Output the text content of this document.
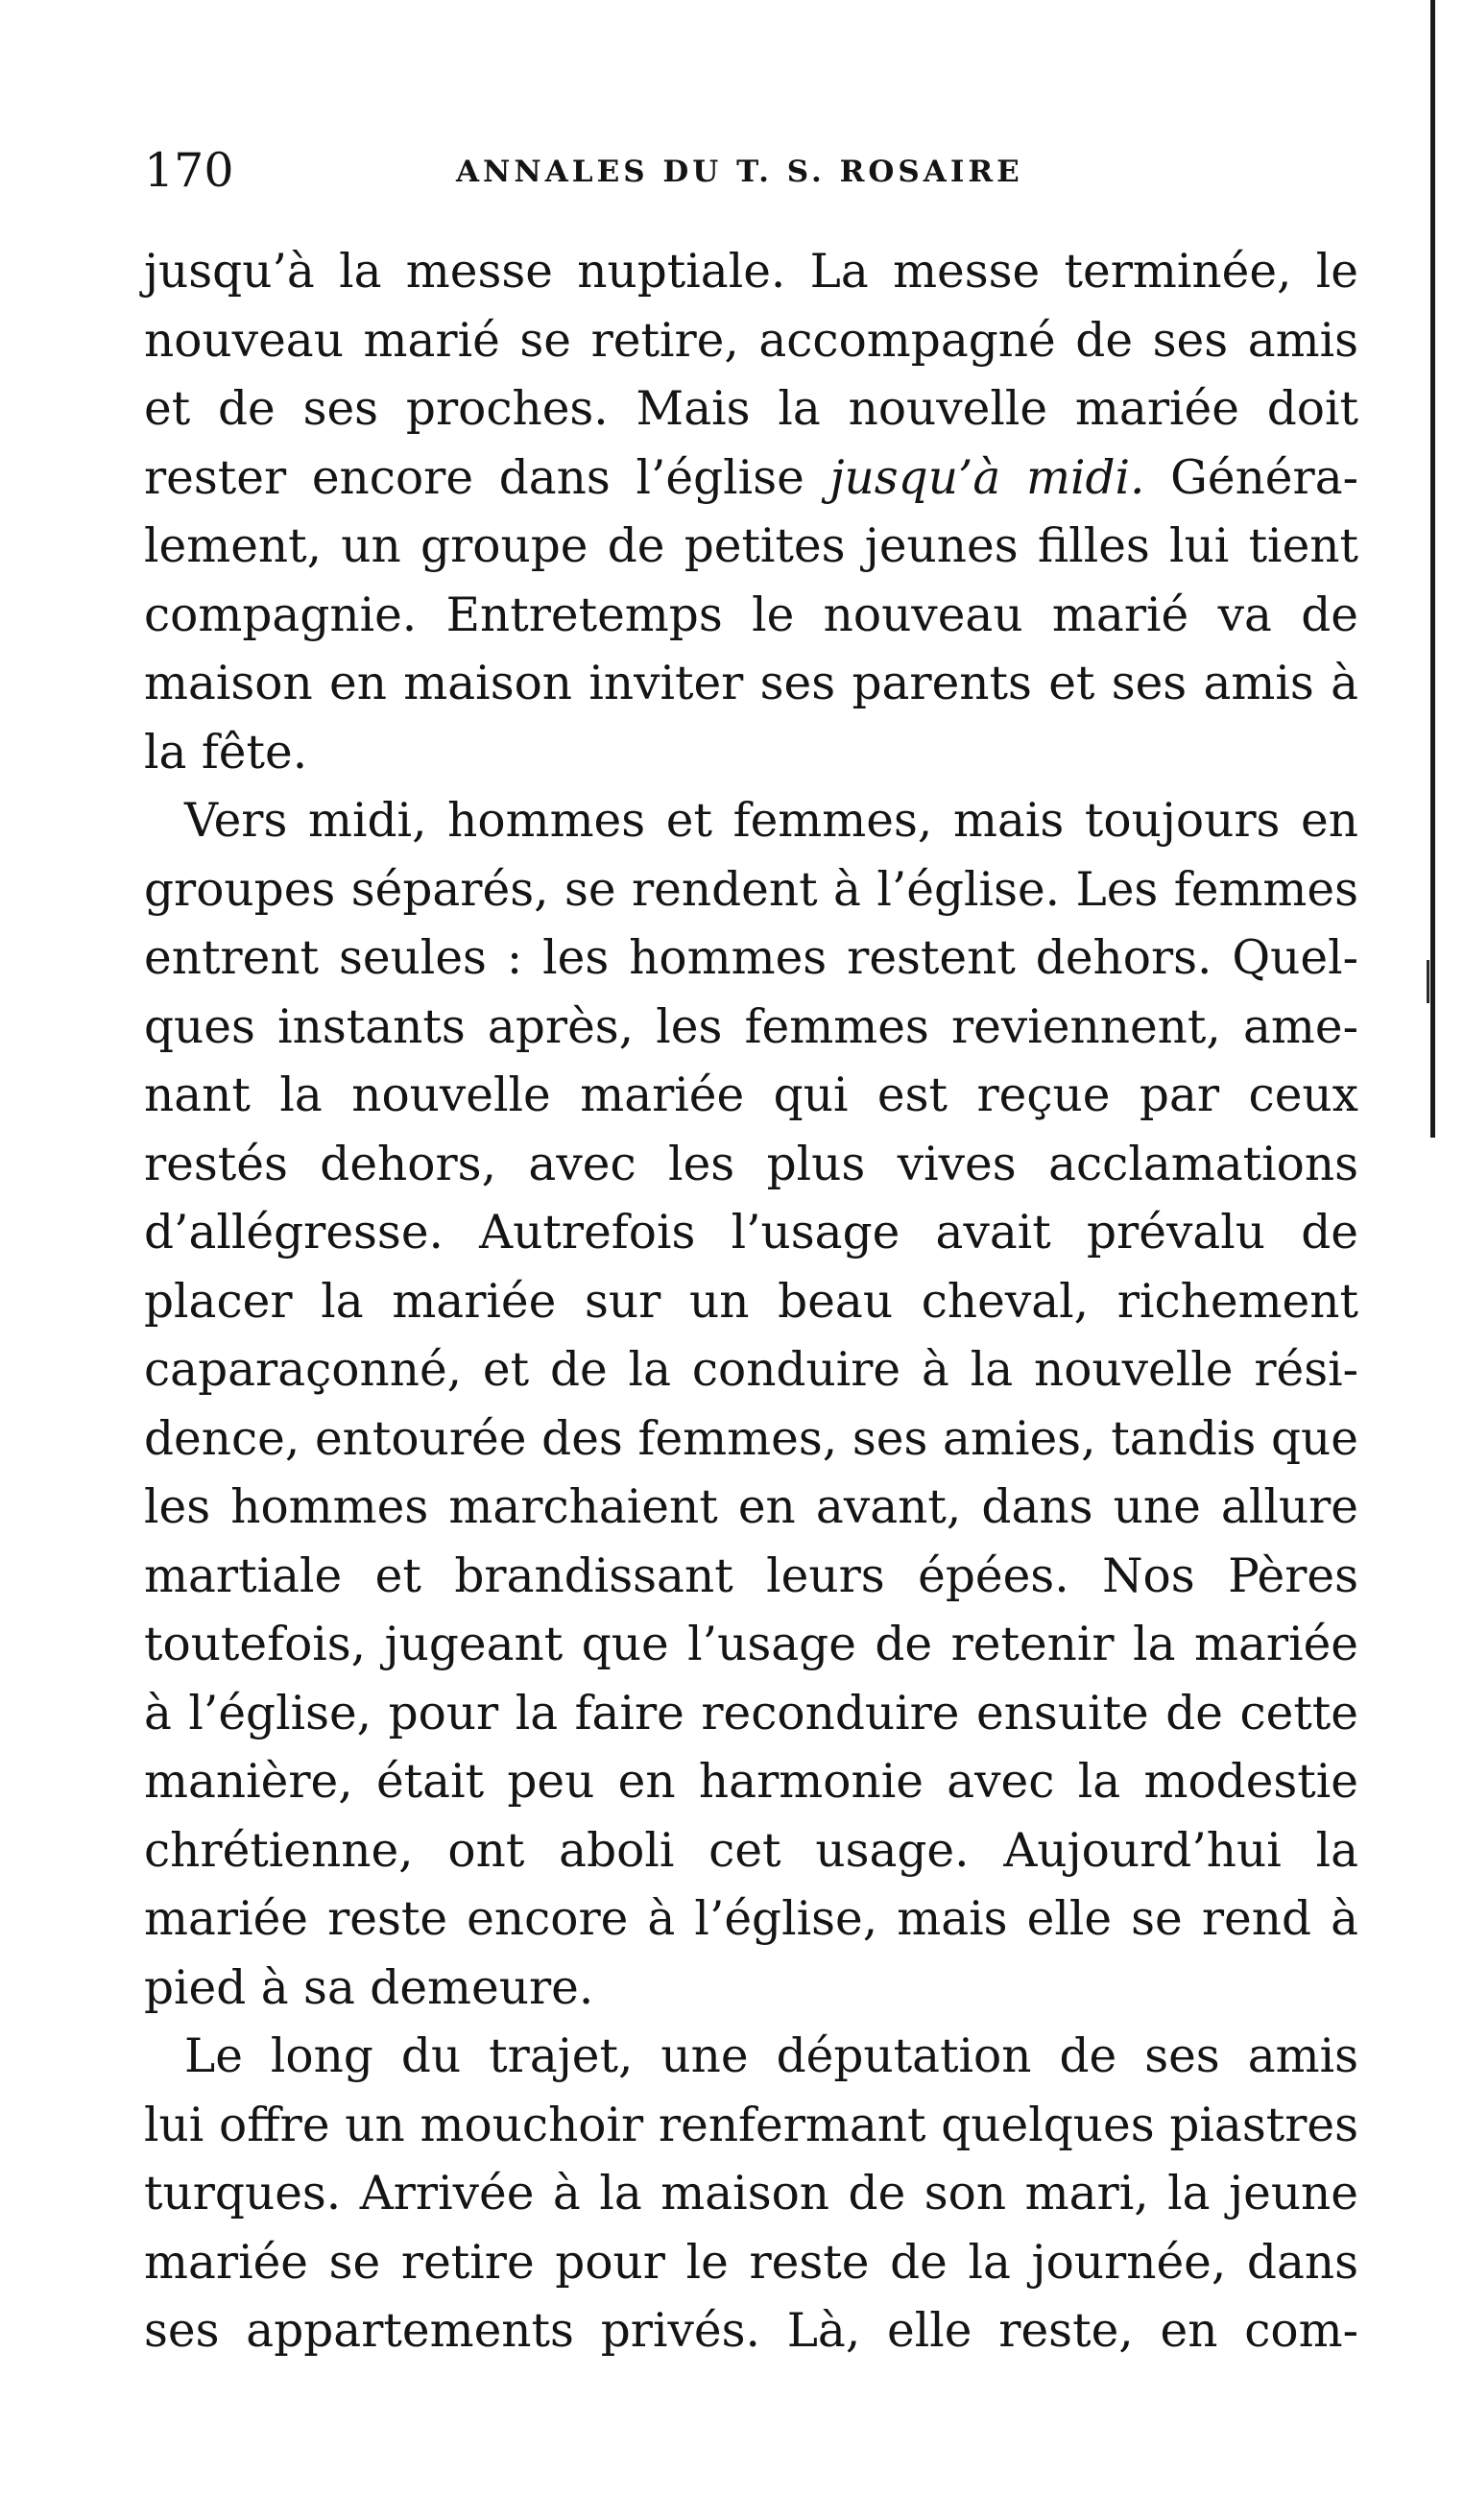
170	ANNALES DU T. S. ROSAIRE
jusqu’à la messe nuptiale. La messe terminée, le
nouveau marié se retire, accompagné de ses amis
et de ses proches. Mais la nouvelle mariée doit
rester encore dans l’église jusqu’à midi. Généra-
lement, un groupe de petites jeunes filles lui tient
compagnie. Entretemps le nouveau marié va de
maison en maison inviter ses parents et ses amis à
la fête.
Vers midi, hommes et femmes, mais toujours en
groupes séparés, se rendent à l’église. Les femmes
entrent seules : les hommes restent dehors. Quel-
ques instants après, les femmes reviennent, ame-
nant la nouvelle mariée qui est reçue par ceux
restés dehors, avec les plus vives acclamations
d’allégresse. Autrefois l’usage avait prévalu de
placer la mariée sur un beau cheval, richement
caparaçonné, et de la conduire à la nouvelle rési-
dence, entourée des femmes, ses amies, tandis que
les hommes marchaient en avant, dans une allure
martiale et brandissant leurs épées. Nos Pères
toutefois, jugeant que l’usage de retenir la mariée
à l’église, pour la faire reconduire ensuite de cette
manière, était peu en harmonie avec la modestie
chrétienne, ont aboli cet usage. Aujourd’hui la
mariée reste encore à l’église, mais elle se rend à
pied à sa demeure.
Le long du trajet, une députation de ses amis
lui offre un mouchoir renfermant quelques piastres
turques. Arrivée à la maison de son mari, la jeune
mariée se retire pour le reste de la journée, dans
ses appartements privés. Là, elle reste, en com-
